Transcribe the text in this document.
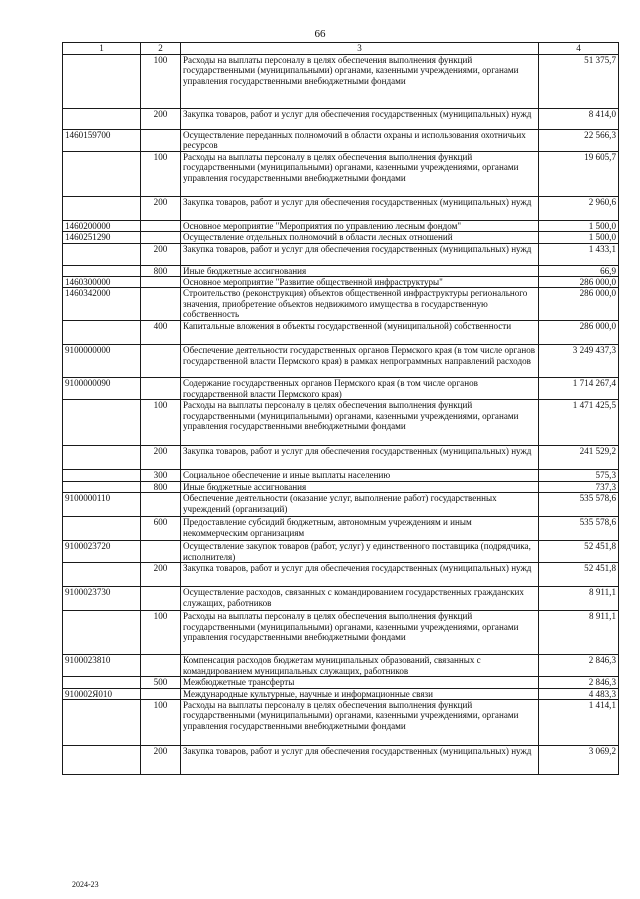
66
1	2	3	4
	100	Расходы на выплаты персоналу в целях обеспечения выполнения функций государственными (муниципальными) органами, казенными учреждениями, органами управления государственными внебюджетными фондами	51 375,7
	200	Закупка товаров, работ и услуг для обеспечения государственных (муниципальных) нужд	8 414,0
1460159700		Осуществление переданных полномочий в области охраны и использования охотничьих ресурсов	22 566,3
	100	Расходы на выплаты персоналу в целях обеспечения выполнения функций государственными (муниципальными) органами, казенными учреждениями, органами управления государственными внебюджетными фондами	19 605,7
	200	Закупка товаров, работ и услуг для обеспечения государственных (муниципальных) нужд	2 960,6
1460200000		Основное мероприятие "Мероприятия по управлению лесным фондом"	1 500,0
1460251290		Осуществление отдельных полномочий в области лесных отношений	1 500,0
	200	Закупка товаров, работ и услуг для обеспечения государственных (муниципальных) нужд	1 433,1
	800	Иные бюджетные ассигнования	66,9
1460300000		Основное мероприятие "Развитие общественной инфраструктуры"	286 000,0
1460342000		Строительство (реконструкция) объектов общественной инфраструктуры регионального значения, приобретение объектов недвижимого имущества в государственную собственность	286 000,0
	400	Капитальные вложения в объекты государственной (муниципальной) собственности	286 000,0
9100000000		Обеспечение деятельности государственных органов Пермского края (в том числе органов государственной власти Пермского края) в рамках непрограммных направлений расходов	3 249 437,3
9100000090		Содержание государственных органов Пермского края (в том числе органов государственной власти Пермского края)	1 714 267,4
	100	Расходы на выплаты персоналу в целях обеспечения выполнения функций государственными (муниципальными) органами, казенными учреждениями, органами управления государственными внебюджетными фондами	1 471 425,5
	200	Закупка товаров, работ и услуг для обеспечения государственных (муниципальных) нужд	241 529,2
	300	Социальное обеспечение и иные выплаты населению	575,3
	800	Иные бюджетные ассигнования	737,3
9100000110		Обеспечение деятельности (оказание услуг, выполнение работ) государственных учреждений (организаций)	535 578,6
	600	Предоставление субсидий бюджетным, автономным учреждениям и иным некоммерческим организациям	535 578,6
9100023720		Осуществление закупок товаров (работ, услуг) у единственного поставщика (подрядчика, исполнителя)	52 451,8
	200	Закупка товаров, работ и услуг для обеспечения государственных (муниципальных) нужд	52 451,8
9100023730		Осуществление расходов, связанных с командированием государственных гражданских служащих, работников	8 911,1
	100	Расходы на выплаты персоналу в целях обеспечения выполнения функций государственными (муниципальными) органами, казенными учреждениями, органами управления государственными внебюджетными фондами	8 911,1
9100023810		Компенсация расходов бюджетам муниципальных образований, связанных с командированием муниципальных служащих, работников	2 846,3
	500	Межбюджетные трансферты	2 846,3
910002Я010		Международные культурные, научные и информационные связи	4 483,3
	100	Расходы на выплаты персоналу в целях обеспечения выполнения функций государственными (муниципальными) органами, казенными учреждениями, органами управления государственными внебюджетными фондами	1 414,1
	200	Закупка товаров, работ и услуг для обеспечения государственных (муниципальных) нужд	3 069,2
2024-23
